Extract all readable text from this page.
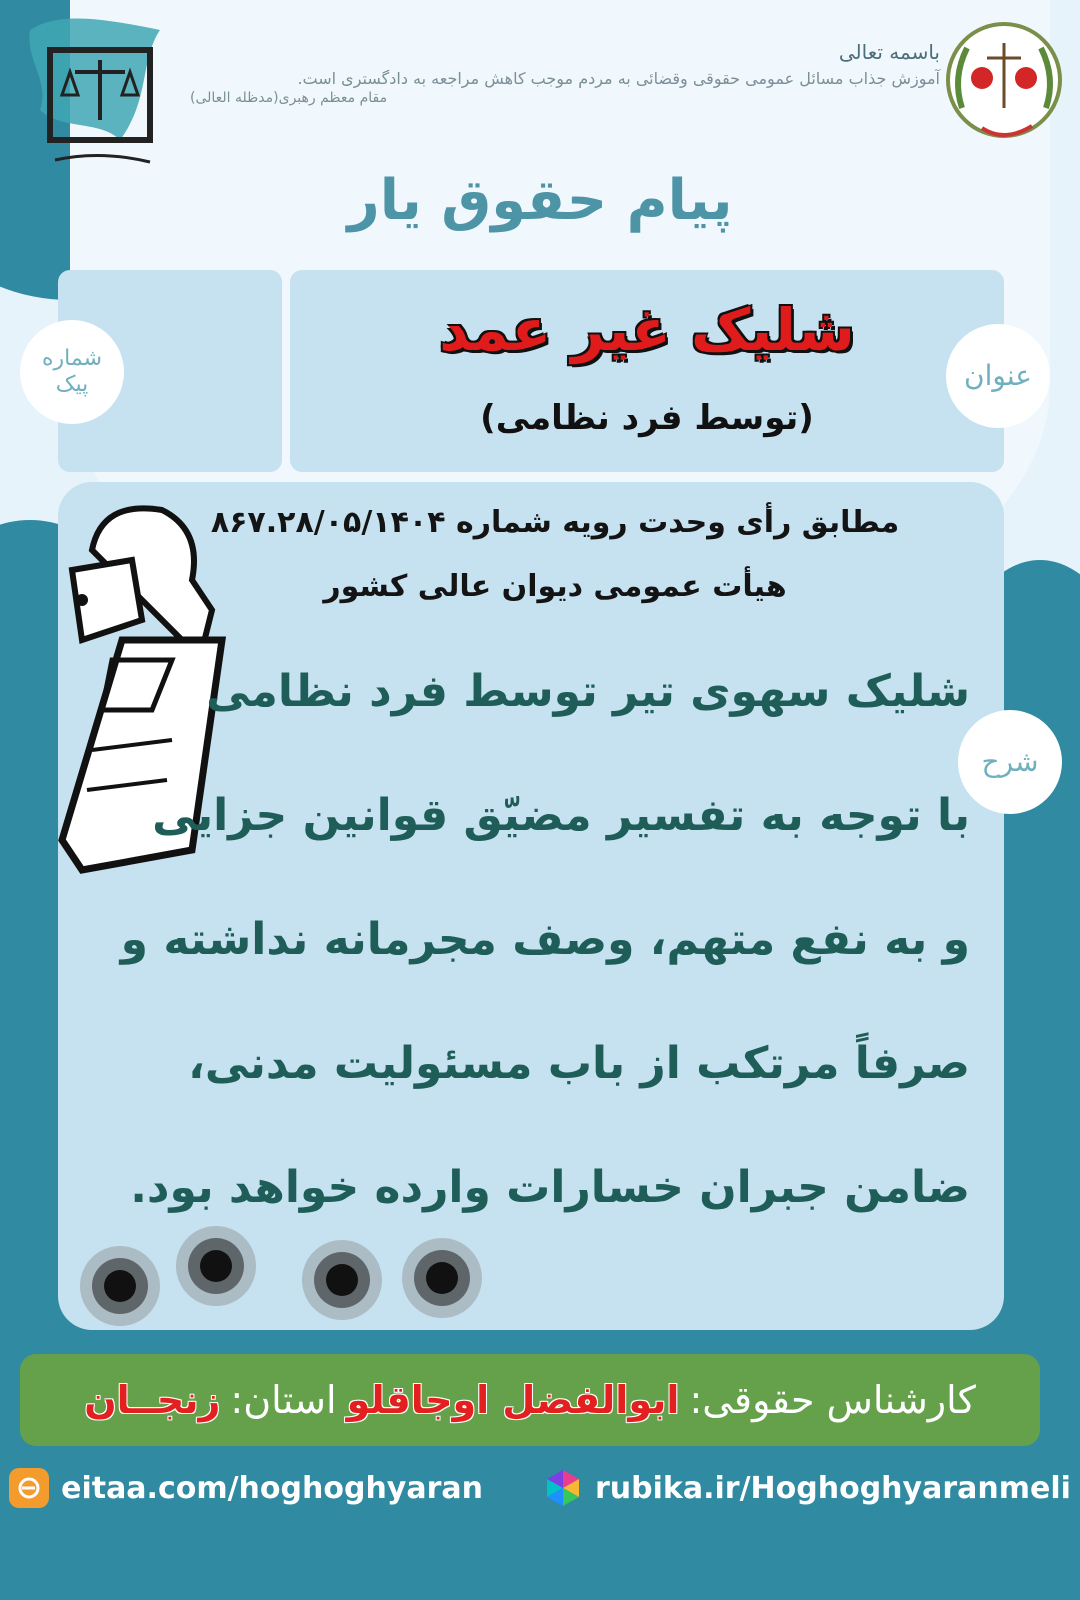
باسمه تعالی
آموزش جذاب مسائل عمومی حقوقی وقضائی به مردم موجب کاهش مراجعه به دادگستری است.
مقام معظم رهبری(مدظله العالی)
پیام حقوق یار
شلیک غیر عمد
(توسط فرد نظامی)
عنوان
شماره
پیک
مطابق رأی وحدت رویه شماره ۸۶۷.۲۸/۰۵/۱۴۰۴
هیأت عمومی دیوان عالی کشور
شرح
شلیک سهوی تیر توسط فرد نظامی
با توجه به تفسیر مضیّق قوانین جزایی
و به نفع متهم، وصف مجرمانه نداشته و
صرفاً مرتکب از باب مسئولیت مدنی،
ضامن جبران خسارات وارده خواهد بود.
کارشناس حقوقی:
ابوالفضل اوجاقلو
استان:
زنجــان
eitaa.com/hoghoghyaran	rubika.ir/Hoghoghyaranmeli
